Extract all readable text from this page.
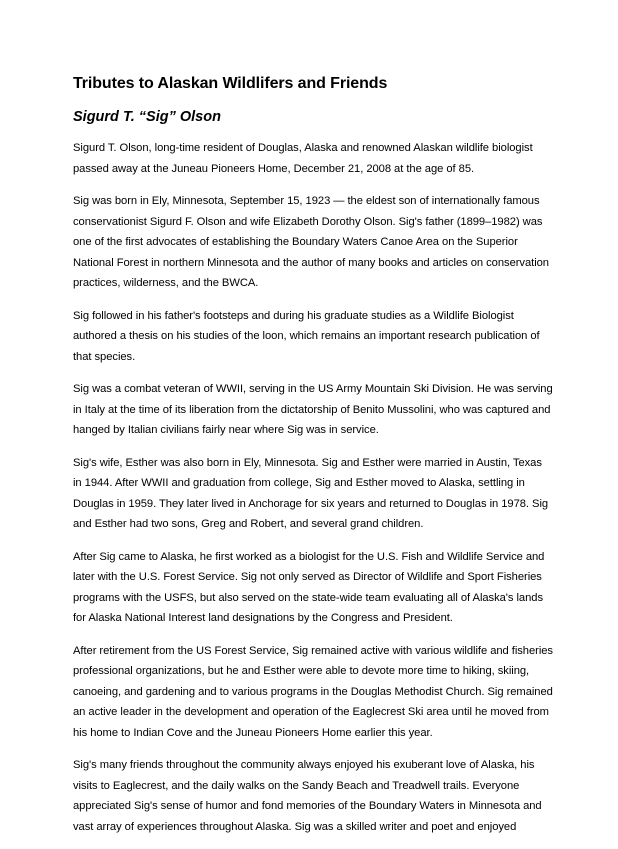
Tributes to Alaskan Wildlifers and Friends
Sigurd T. “Sig” Olson

Sigurd T. Olson, long-time resident of Douglas, Alaska and renowned Alaskan wildlife biologist passed away at the Juneau Pioneers Home, December 21, 2008 at the age of 85.

Sig was born in Ely, Minnesota, September 15, 1923 — the eldest son of internationally famous conservationist Sigurd F. Olson and wife Elizabeth Dorothy Olson. Sig's father (1899–1982) was one of the first advocates of establishing the Boundary Waters Canoe Area on the Superior National Forest in northern Minnesota and the author of many books and articles on conservation practices, wilderness, and the BWCA.

Sig followed in his father's footsteps and during his graduate studies as a Wildlife Biologist authored a thesis on his studies of the loon, which remains an important research publication of that species.

Sig was a combat veteran of WWII, serving in the US Army Mountain Ski Division. He was serving in Italy at the time of its liberation from the dictatorship of Benito Mussolini, who was captured and hanged by Italian civilians fairly near where Sig was in service.

Sig's wife, Esther was also born in Ely, Minnesota. Sig and Esther were married in Austin, Texas in 1944. After WWII and graduation from college, Sig and Esther moved to Alaska, settling in Douglas in 1959. They later lived in Anchorage for six years and returned to Douglas in 1978. Sig and Esther had two sons, Greg and Robert, and several grand children.

After Sig came to Alaska, he first worked as a biologist for the U.S. Fish and Wildlife Service and later with the U.S. Forest Service. Sig not only served as Director of Wildlife and Sport Fisheries programs with the USFS, but also served on the state-wide team evaluating all of Alaska's lands for Alaska National Interest land designations by the Congress and President.

After retirement from the US Forest Service, Sig remained active with various wildlife and fisheries professional organizations, but he and Esther were able to devote more time to hiking, skiing, canoeing, and gardening and to various programs in the Douglas Methodist Church. Sig remained an active leader in the development and operation of the Eaglecrest Ski area until he moved from his home to Indian Cove and the Juneau Pioneers Home earlier this year.

Sig's many friends throughout the community always enjoyed his exuberant love of Alaska, his visits to Eaglecrest, and the daily walks on the Sandy Beach and Treadwell trails. Everyone appreciated Sig's sense of humor and fond memories of the Boundary Waters in Minnesota and vast array of experiences throughout Alaska. Sig was a skilled writer and poet and enjoyed
